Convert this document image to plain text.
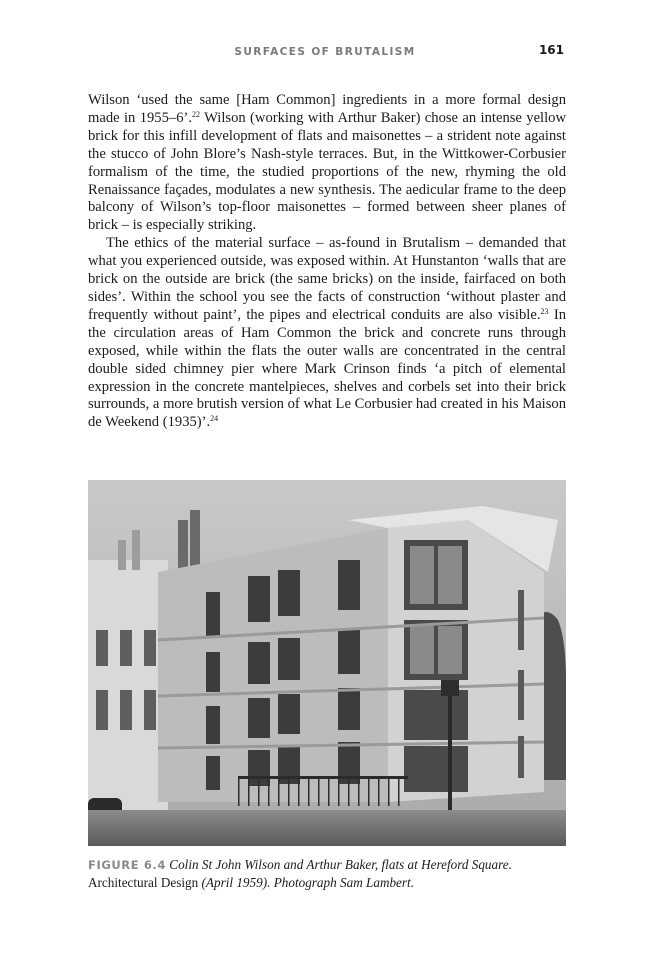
SURFACES OF BRUTALISM	161

Wilson ‘used the same [Ham Common] ingredients in a more formal design made in 1955–6’.$^{22}$ Wilson (working with Arthur Baker) chose an intense yellow brick for this infill development of flats and maisonettes – a strident note against the stucco of John Blore’s Nash-style terraces. But, in the Wittkower-Corbusier formalism of the time, the studied proportions of the new, rhyming the old Renaissance façades, modulates a new synthesis. The aedicular frame to the deep balcony of Wilson’s top-floor maisonettes – formed between sheer planes of brick – is especially striking.

The ethics of the material surface – as-found in Brutalism – demanded that what you experienced outside, was exposed within. At Hunstanton ‘walls that are brick on the outside are brick (the same bricks) on the inside, fairfaced on both sides’. Within the school you see the facts of construction ‘without plaster and frequently without paint’, the pipes and electrical conduits are also visible.$^{23}$ In the circulation areas of Ham Common the brick and concrete runs through exposed, while within the flats the outer walls are concentrated in the central double sided chimney pier where Mark Crinson finds ‘a pitch of elemental expression in the concrete mantelpieces, shelves and corbels set into their brick surrounds, a more brutish version of what Le Corbusier had created in his Maison de Weekend (1935)’.$^{24}$

FIGURE 6.4 Colin St John Wilson and Arthur Baker, flats at Hereford Square.
Architectural Design (April 1959). Photograph Sam Lambert.
